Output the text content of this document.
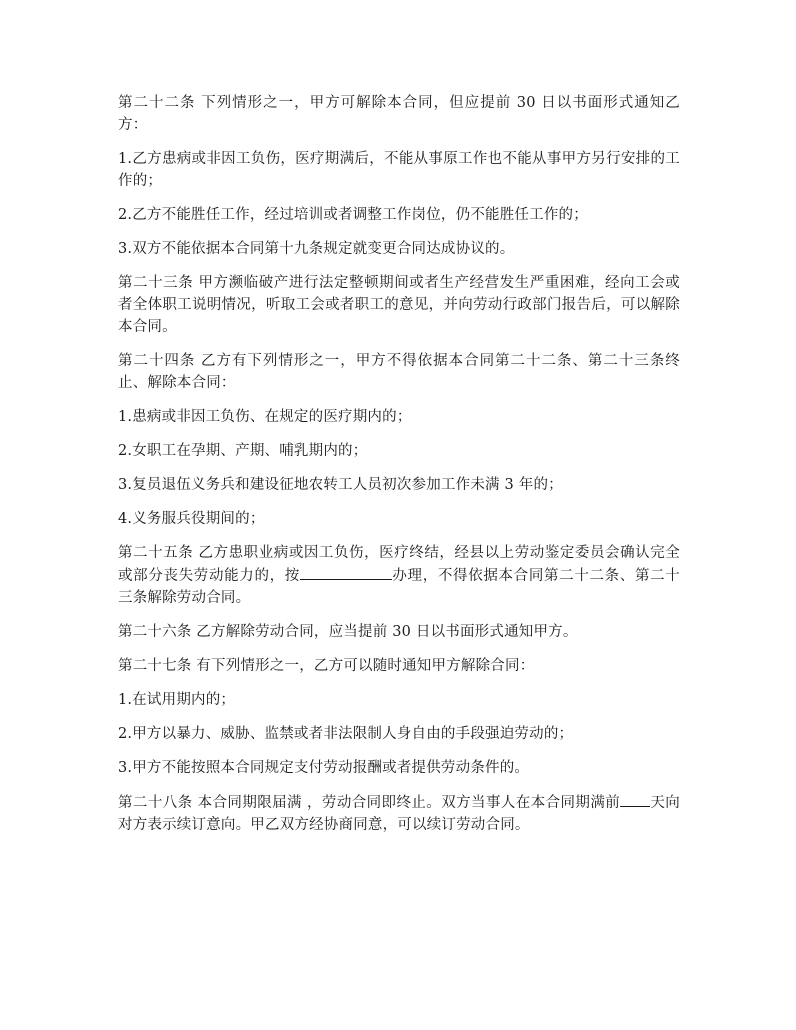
第二十二条 下列情形之一，甲方可解除本合同，但应提前 30 日以书面形式通知乙方：

1.乙方患病或非因工负伤，医疗期满后，不能从事原工作也不能从事甲方另行安排的工作的；

2.乙方不能胜任工作，经过培训或者调整工作岗位，仍不能胜任工作的；

3.双方不能依据本合同第十九条规定就变更合同达成协议的。

第二十三条 甲方濒临破产进行法定整顿期间或者生产经营发生严重困难，经向工会或者全体职工说明情况，听取工会或者职工的意见，并向劳动行政部门报告后，可以解除本合同。

第二十四条 乙方有下列情形之一，甲方不得依据本合同第二十二条、第二十三条终止、解除本合同：

1.患病或非因工负伤、在规定的医疗期内的；

2.女职工在孕期、产期、哺乳期内的；

3.复员退伍义务兵和建设征地农转工人员初次参加工作未满 3 年的；

4.义务服兵役期间的；

第二十五条 乙方患职业病或因工负伤，医疗终结，经县以上劳动鉴定委员会确认完全或部分丧失劳动能力的，按	办理，不得依据本合同第二十二条、第二十三条解除劳动合同。

第二十六条 乙方解除劳动合同，应当提前 30 日以书面形式通知甲方。

第二十七条 有下列情形之一，乙方可以随时通知甲方解除合同：

1.在试用期内的；

2.甲方以暴力、威胁、监禁或者非法限制人身自由的手段强迫劳动的；

3.甲方不能按照本合同规定支付劳动报酬或者提供劳动条件的。

第二十八条 本合同期限届满 ，劳动合同即终止。双方当事人在本合同期满前 天向对方表示续订意向。甲乙双方经协商同意，可以续订劳动合同。
